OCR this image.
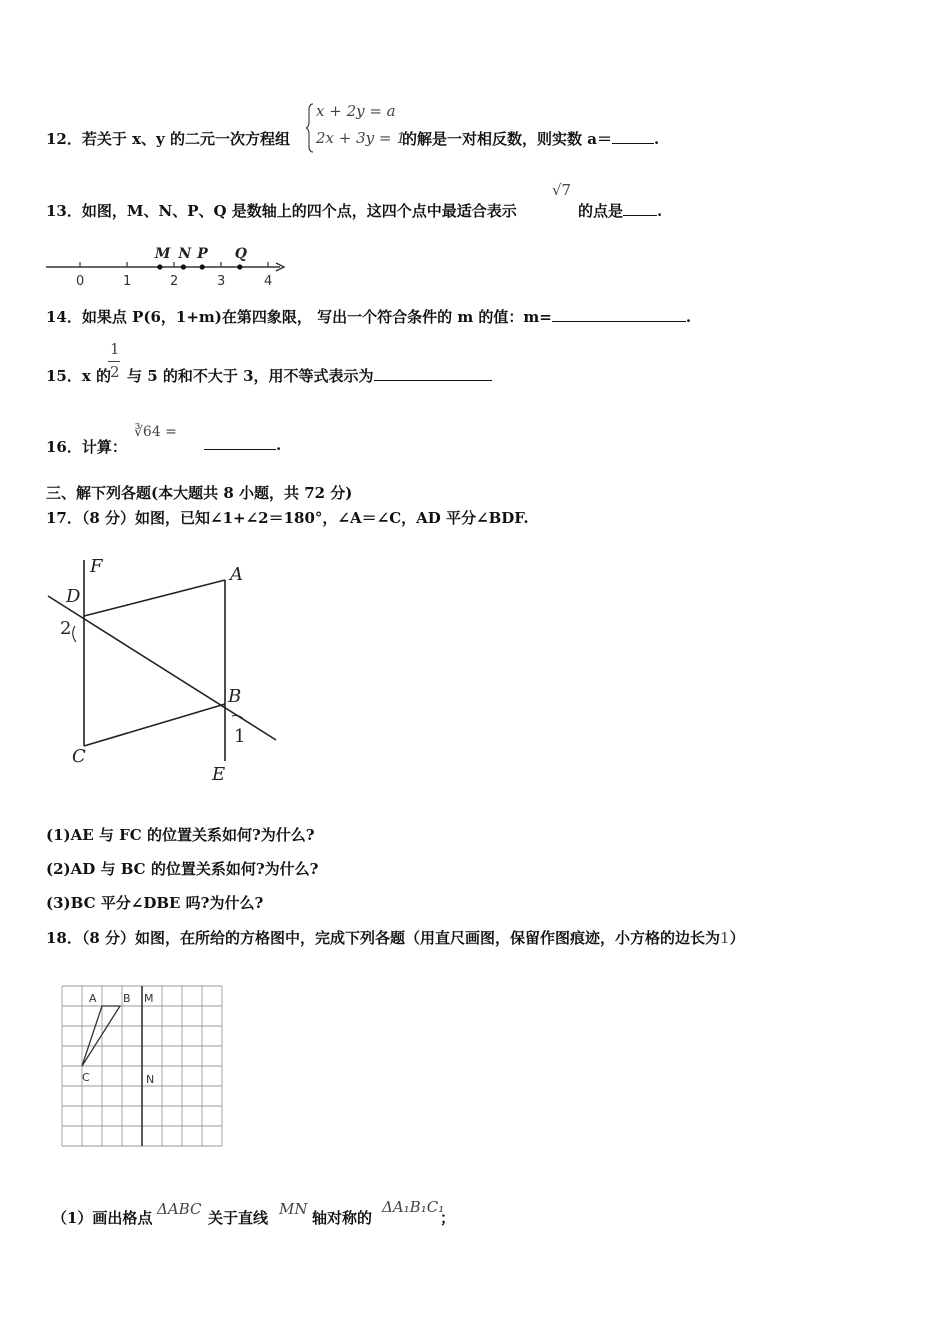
12．若关于 x、y 的二元一次方程组
x + 2y = a
2x + 3y = 1
的解是一对相反数，则实数 a＝	.
13．如图，M、N、P、Q 是数轴上的四个点，这四个点中最适合表示
√7
的点是 .
0	1	2	3	4
M N P Q
14．如果点 P(6，1+m)在第四象限， 写出一个符合条件的 m 的值：m=	.
15．x 的
1
2 与 5 的和不大于 3，用不等式表示为
16．计算：
∛64 =
.
三、解下列各题(本大题共 8 小题，共 72 分)
17．（8 分）如图，已知∠1+∠2＝180°，∠A＝∠C，AD 平分∠BDF.
F	A
D
2
B
1
C
E
(1)AE 与 FC 的位置关系如何?为什么?
(2)AD 与 BC 的位置关系如何?为什么?
(3)BC 平分∠DBE 吗?为什么?
18．（8 分）如图，在所给的方格图中，完成下列各题（用直尺画图，保留作图痕迹，小方格的边长为1）
A B M
C	N
（1）画出格点 ΔABC 关于直线 MN 轴对称的
ΔA₁B₁C₁
；
